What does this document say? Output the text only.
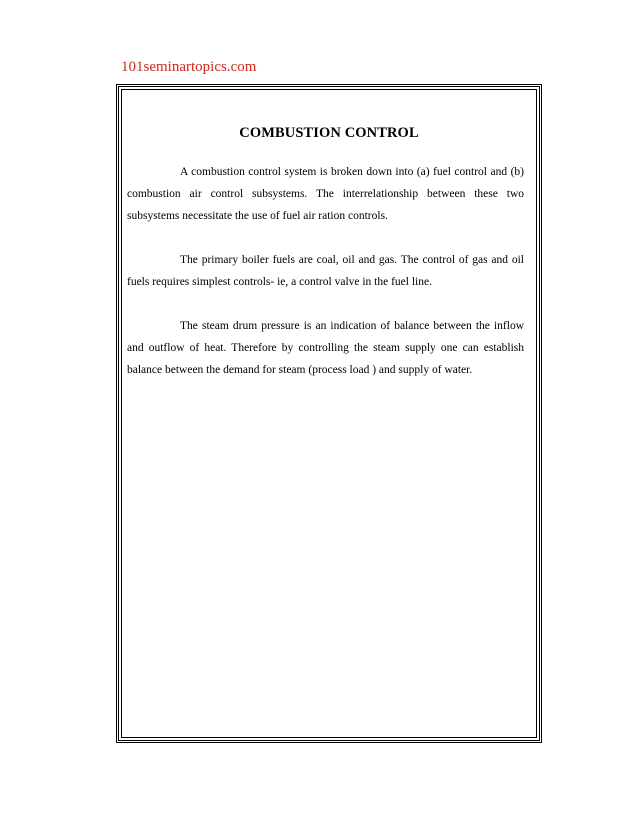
101seminartopics.com
COMBUSTION CONTROL

A combustion control system is broken down into (a) fuel control and (b) combustion air control subsystems. The interrelationship between these two subsystems necessitate the use of fuel air ration controls.

The primary boiler fuels are coal, oil and gas. The control of gas and oil fuels requires simplest controls- ie, a control valve in the fuel line.

The steam drum pressure is an indication of balance between the inflow and outflow of heat. Therefore by controlling the steam supply one can establish balance between the demand for steam (process load ) and supply of water.
